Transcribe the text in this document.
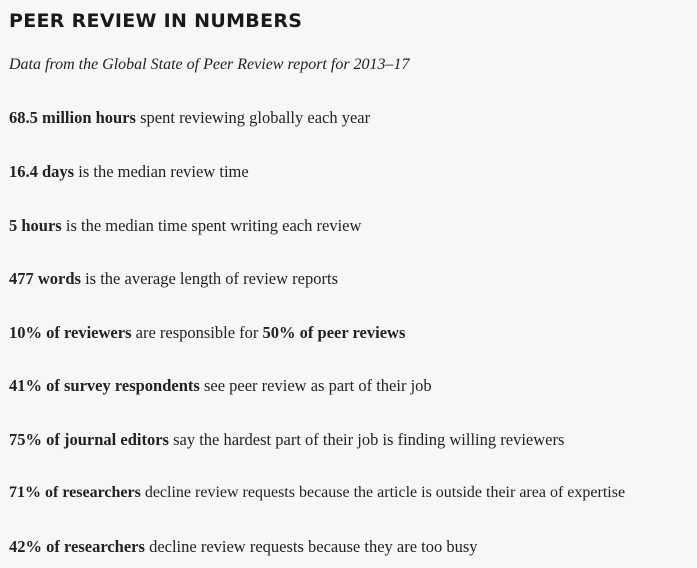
PEER REVIEW IN NUMBERS
Data from the Global State of Peer Review report for 2013–17
68.5 million hours spent reviewing globally each year
16.4 days is the median review time
5 hours is the median time spent writing each review
477 words is the average length of review reports
10% of reviewers are responsible for 50% of peer reviews
41% of survey respondents see peer review as part of their job
75% of journal editors say the hardest part of their job is finding willing reviewers
71% of researchers decline review requests because the article is outside their area of expertise
42% of researchers decline review requests because they are too busy
